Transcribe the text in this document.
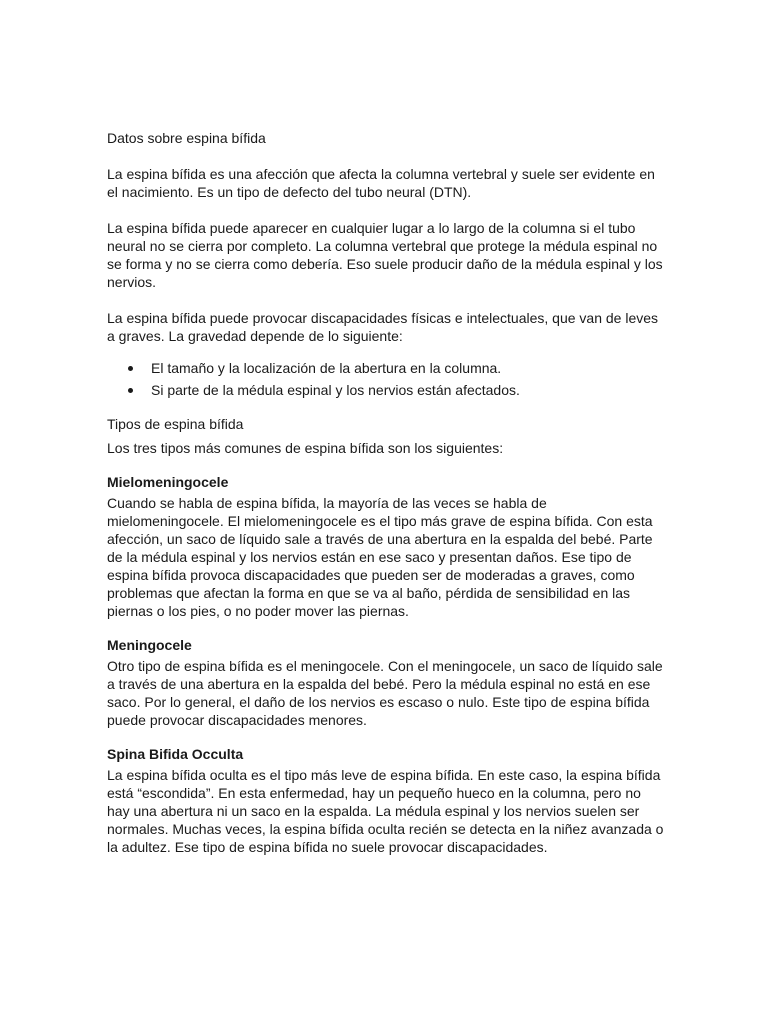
Datos sobre espina bífida

La espina bífida es una afección que afecta la columna vertebral y suele ser evidente en el nacimiento. Es un tipo de defecto del tubo neural (DTN).

La espina bífida puede aparecer en cualquier lugar a lo largo de la columna si el tubo neural no se cierra por completo. La columna vertebral que protege la médula espinal no se forma y no se cierra como debería. Eso suele producir daño de la médula espinal y los nervios.

La espina bífida puede provocar discapacidades físicas e intelectuales, que van de leves a graves. La gravedad depende de lo siguiente:

El tamaño y la localización de la abertura en la columna.
Si parte de la médula espinal y los nervios están afectados.

Tipos de espina bífida

Los tres tipos más comunes de espina bífida son los siguientes:

Mielomeningocele

Cuando se habla de espina bífida, la mayoría de las veces se habla de mielomeningocele. El mielomeningocele es el tipo más grave de espina bífida. Con esta afección, un saco de líquido sale a través de una abertura en la espalda del bebé. Parte de la médula espinal y los nervios están en ese saco y presentan daños. Ese tipo de espina bífida provoca discapacidades que pueden ser de moderadas a graves, como problemas que afectan la forma en que se va al baño, pérdida de sensibilidad en las piernas o los pies, o no poder mover las piernas.

Meningocele

Otro tipo de espina bífida es el meningocele. Con el meningocele, un saco de líquido sale a través de una abertura en la espalda del bebé. Pero la médula espinal no está en ese saco. Por lo general, el daño de los nervios es escaso o nulo. Este tipo de espina bífida puede provocar discapacidades menores.

Spina Bifida Occulta

La espina bífida oculta es el tipo más leve de espina bífida. En este caso, la espina bífida está “escondida”. En esta enfermedad, hay un pequeño hueco en la columna, pero no hay una abertura ni un saco en la espalda. La médula espinal y los nervios suelen ser normales. Muchas veces, la espina bífida oculta recién se detecta en la niñez avanzada o la adultez. Ese tipo de espina bífida no suele provocar discapacidades.
